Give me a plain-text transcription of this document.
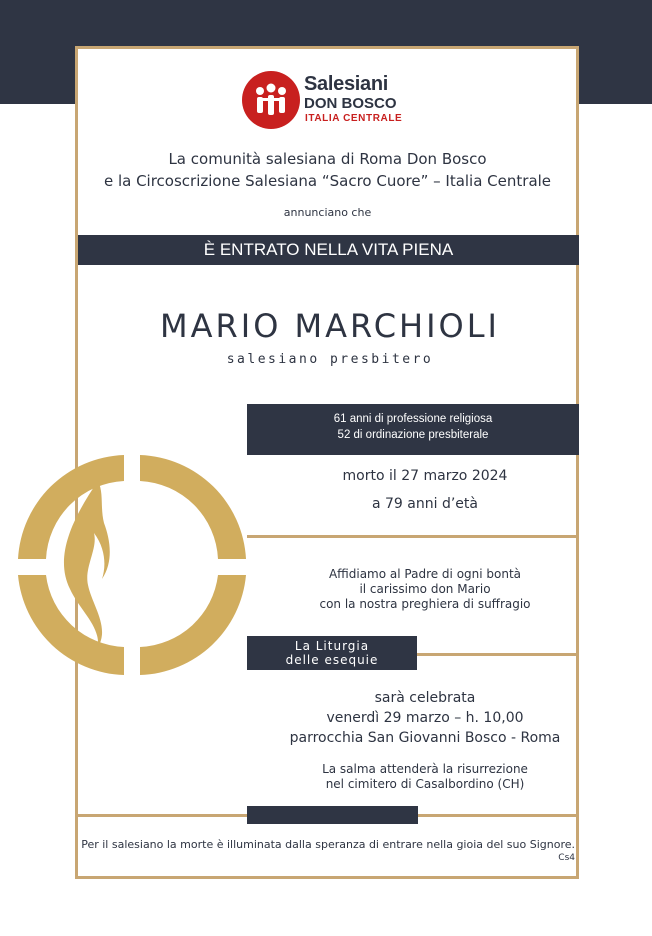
Salesiani
DON BOSCO
ITALIA CENTRALE
La comunità salesiana di Roma Don Bosco
e la Circoscrizione Salesiana “Sacro Cuore” – Italia Centrale
annunciano che
È ENTRATO NELLA VITA PIENA
MARIO MARCHIOLI
salesiano presbitero
61 anni di professione religiosa
52 di ordinazione presbiterale
morto il 27 marzo 2024
a 79 anni d’età
Affidiamo al Padre di ogni bontà
il carissimo don Mario
con la nostra preghiera di suffragio
La Liturgia
delle esequie
sarà celebrata
venerdì 29 marzo – h. 10,00
parrocchia San Giovanni Bosco - Roma
La salma attenderà la risurrezione
nel cimitero di Casalbordino (CH)
Per il salesiano la morte è illuminata dalla speranza di entrare nella gioia del suo Signore.
Cs4
